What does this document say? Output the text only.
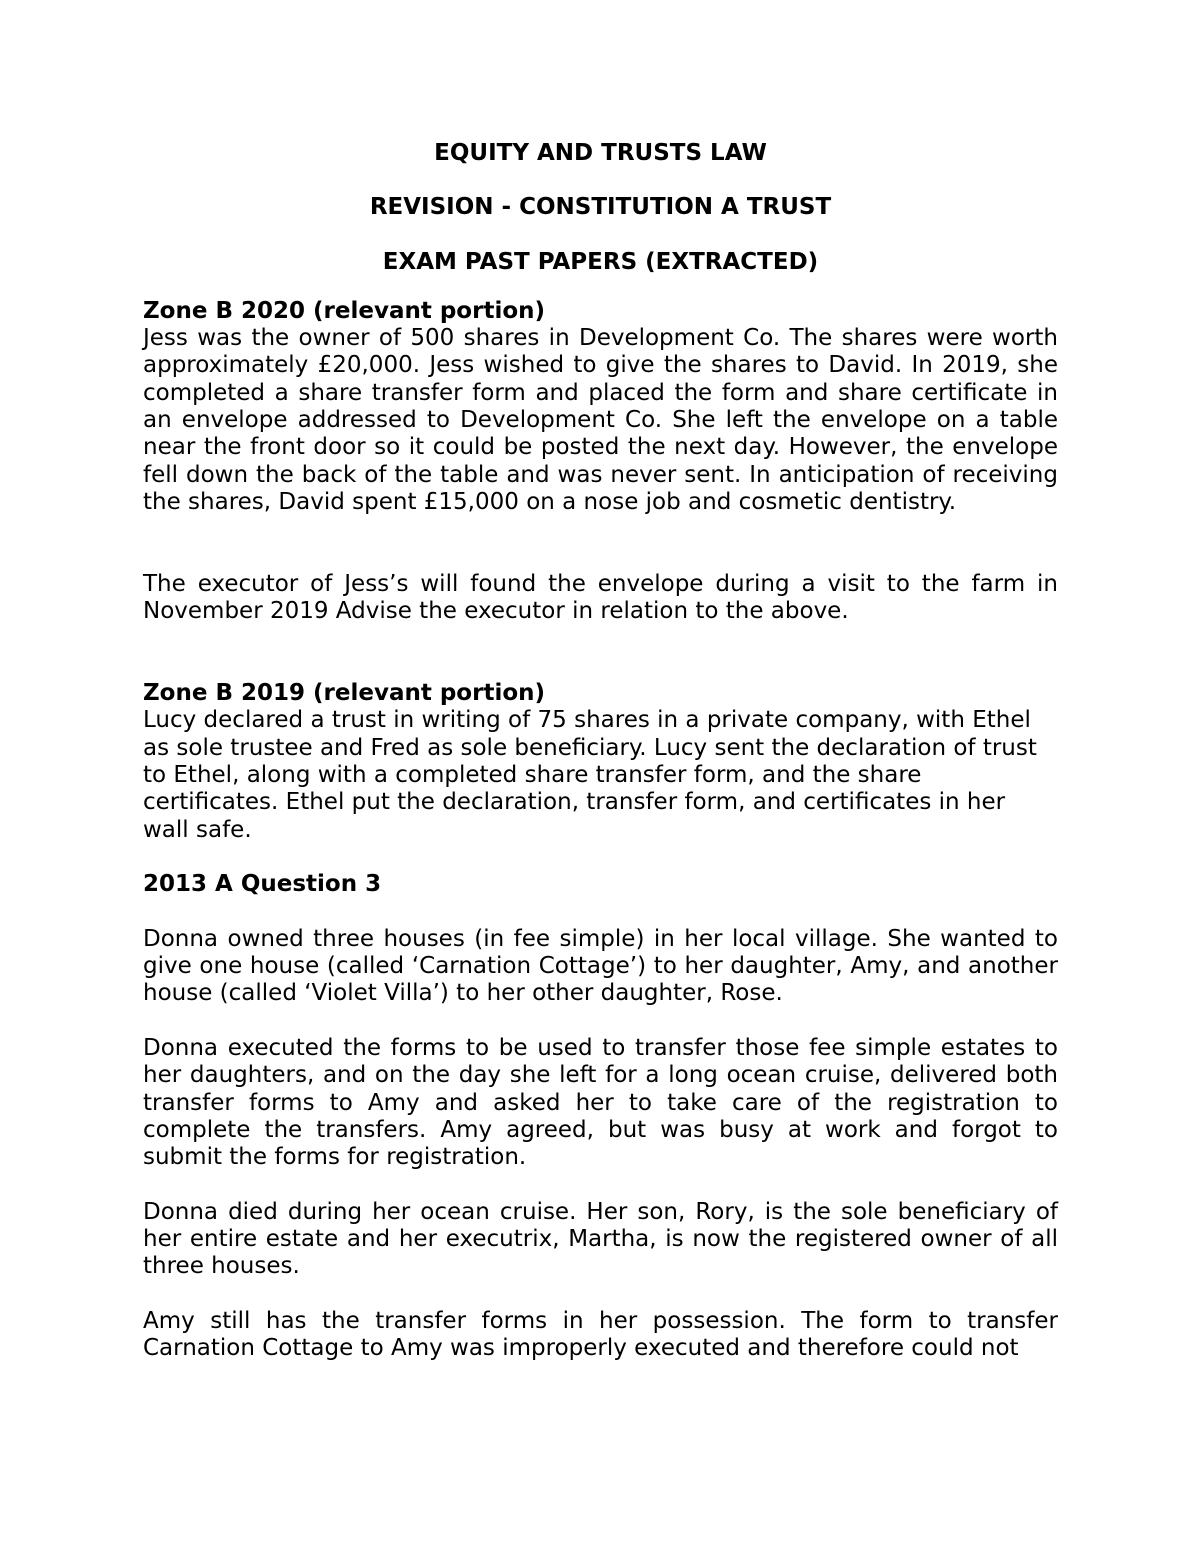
EQUITY AND TRUSTS LAW

REVISION - CONSTITUTION A TRUST

EXAM PAST PAPERS (EXTRACTED)

Zone B 2020 (relevant portion)

Jess was the owner of 500 shares in Development Co. The shares were worth approximately £20,000. Jess wished to give the shares to David. In 2019, she completed a share transfer form and placed the form and share certificate in an envelope addressed to Development Co. She left the envelope on a table near the front door so it could be posted the next day. However, the envelope fell down the back of the table and was never sent. In anticipation of receiving the shares, David spent £15,000 on a nose job and cosmetic dentistry.

The executor of Jess’s will found the envelope during a visit to the farm in November 2019 Advise the executor in relation to the above.

Zone B 2019 (relevant portion)

Lucy declared a trust in writing of 75 shares in a private company, with Ethel as sole trustee and Fred as sole beneficiary. Lucy sent the declaration of trust to Ethel, along with a completed share transfer form, and the share certificates. Ethel put the declaration, transfer form, and certificates in her wall safe.

2013 A Question 3

Donna owned three houses (in fee simple) in her local village. She wanted to give one house (called ‘Carnation Cottage’) to her daughter, Amy, and another house (called ‘Violet Villa’) to her other daughter, Rose.

Donna executed the forms to be used to transfer those fee simple estates to her daughters, and on the day she left for a long ocean cruise, delivered both transfer forms to Amy and asked her to take care of the registration to complete the transfers. Amy agreed, but was busy at work and forgot to submit the forms for registration.

Donna died during her ocean cruise. Her son, Rory, is the sole beneficiary of her entire estate and her executrix, Martha, is now the registered owner of all three houses.

Amy still has the transfer forms in her possession. The form to transfer Carnation Cottage to Amy was improperly executed and therefore could not
